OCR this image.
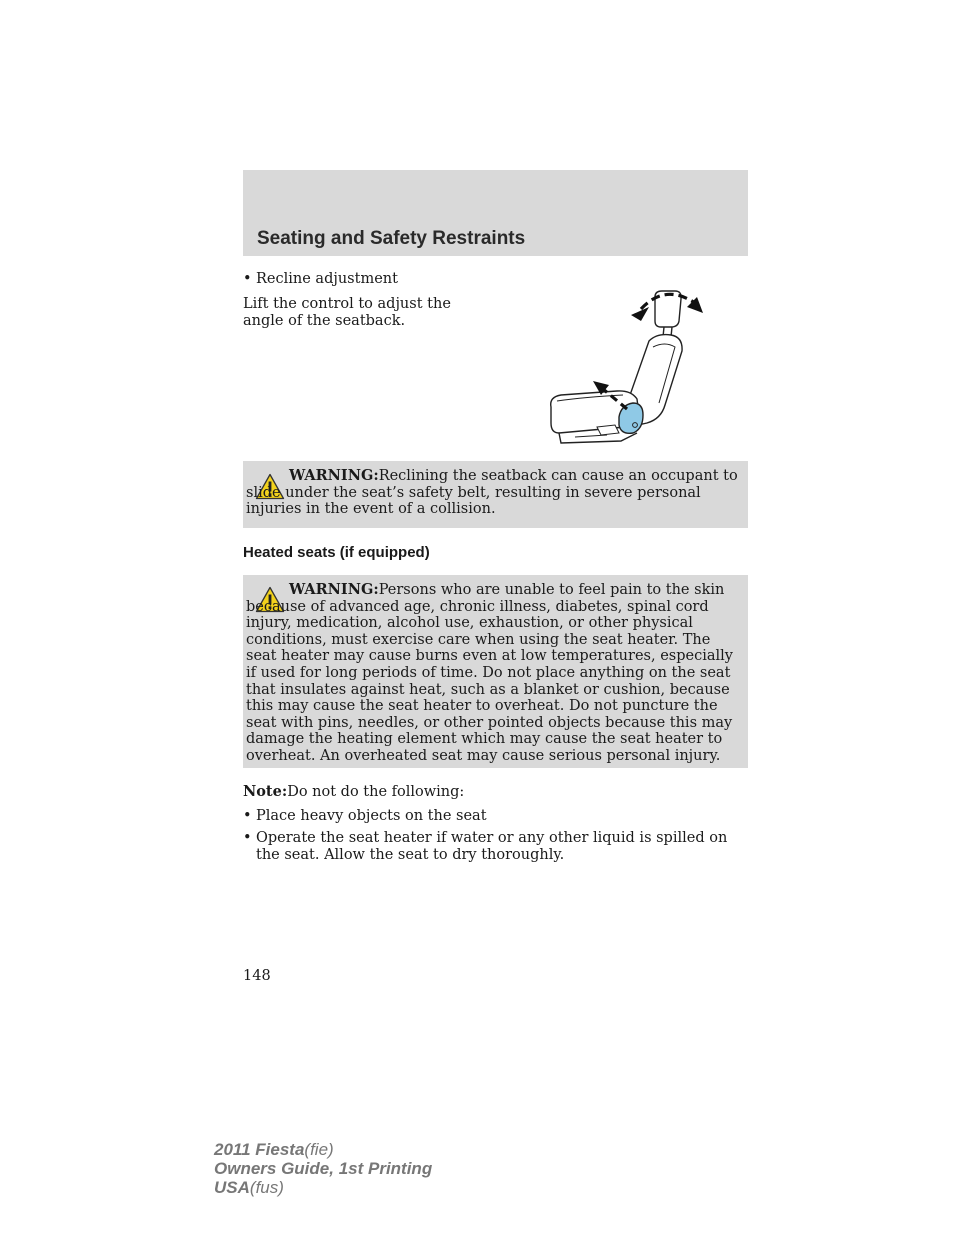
Seating and Safety Restraints
• Recline adjustment
Lift the control to adjust the angle of the seatback.
WARNING:Reclining the seatback can cause an occupant to slide under the seat’s safety belt, resulting in severe personal injuries in the event of a collision.
Heated seats (if equipped)
WARNING:Persons who are unable to feel pain to the skin because of advanced age, chronic illness, diabetes, spinal cord injury, medication, alcohol use, exhaustion, or other physical conditions, must exercise care when using the seat heater. The seat heater may cause burns even at low temperatures, especially if used for long periods of time. Do not place anything on the seat that insulates against heat, such as a blanket or cushion, because this may cause the seat heater to overheat. Do not puncture the seat with pins, needles, or other pointed objects because this may damage the heating element which may cause the seat heater to overheat. An overheated seat may cause serious personal injury.
Note:Do not do the following:
• Place heavy objects on the seat
• Operate the seat heater if water or any other liquid is spilled on the seat. Allow the seat to dry thoroughly.
148
2011 Fiesta(fie)
Owners Guide, 1st Printing
USA(fus)
